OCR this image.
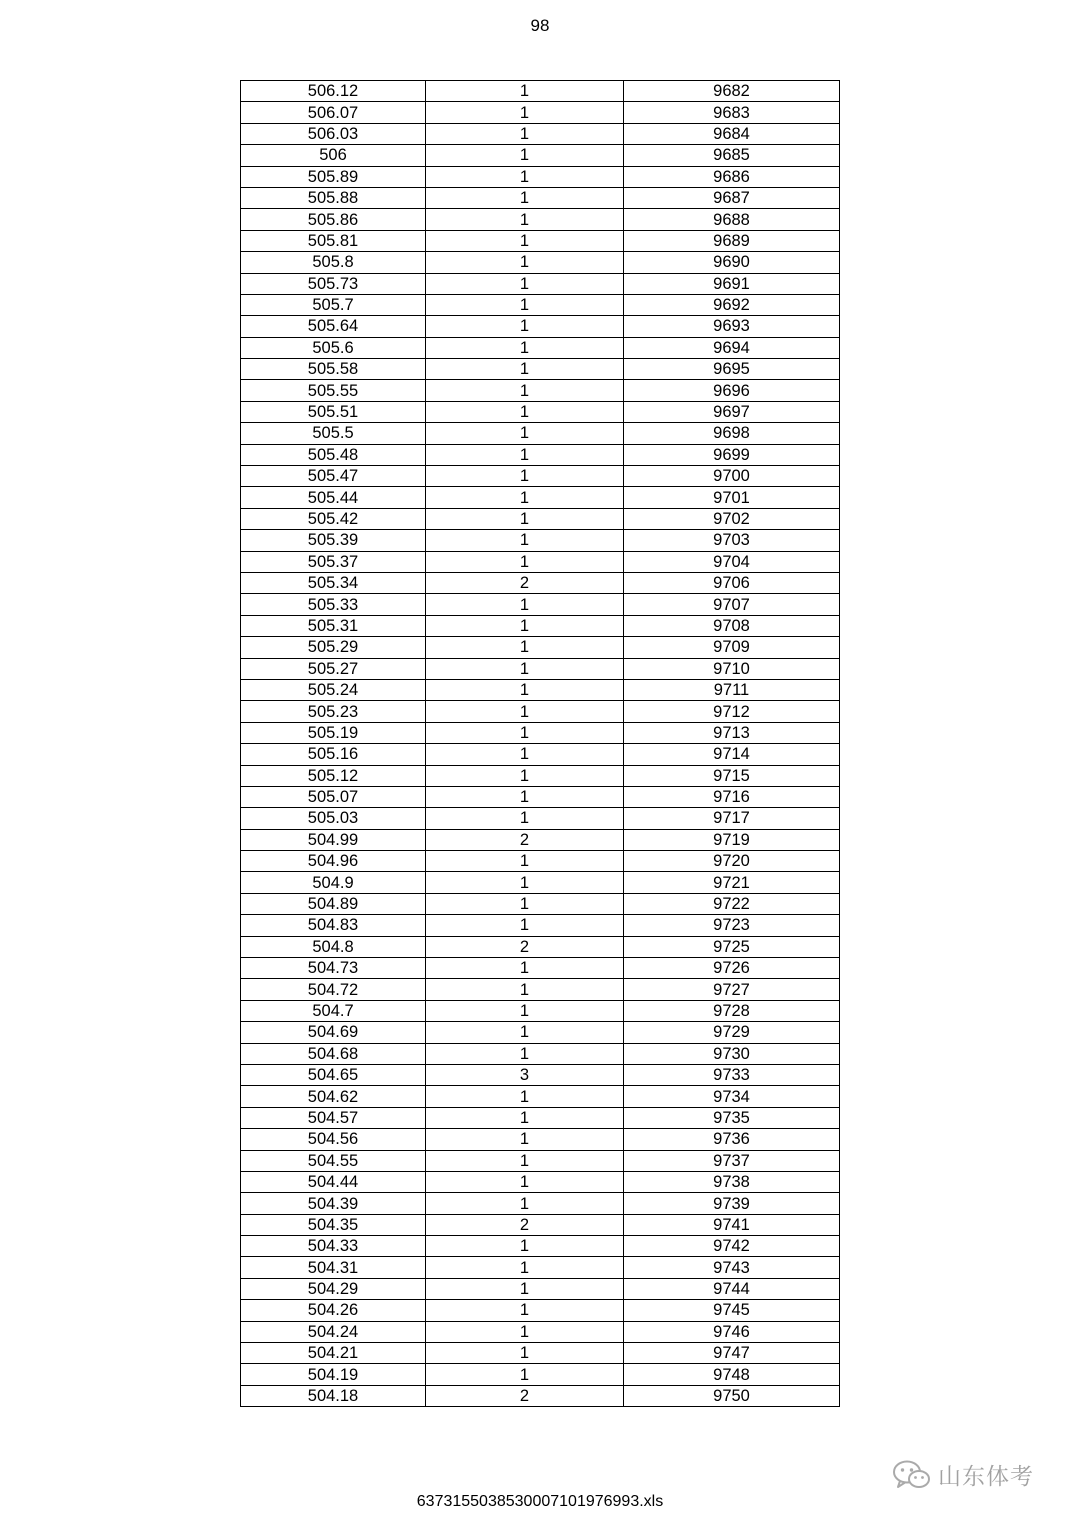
98
506.12	1	9682
506.07	1	9683
506.03	1	9684
506	1	9685
505.89	1	9686
505.88	1	9687
505.86	1	9688
505.81	1	9689
505.8	1	9690
505.73	1	9691
505.7	1	9692
505.64	1	9693
505.6	1	9694
505.58	1	9695
505.55	1	9696
505.51	1	9697
505.5	1	9698
505.48	1	9699
505.47	1	9700
505.44	1	9701
505.42	1	9702
505.39	1	9703
505.37	1	9704
505.34	2	9706
505.33	1	9707
505.31	1	9708
505.29	1	9709
505.27	1	9710
505.24	1	9711
505.23	1	9712
505.19	1	9713
505.16	1	9714
505.12	1	9715
505.07	1	9716
505.03	1	9717
504.99	2	9719
504.96	1	9720
504.9	1	9721
504.89	1	9722
504.83	1	9723
504.8	2	9725
504.73	1	9726
504.72	1	9727
504.7	1	9728
504.69	1	9729
504.68	1	9730
504.65	3	9733
504.62	1	9734
504.57	1	9735
504.56	1	9736
504.55	1	9737
504.44	1	9738
504.39	1	9739
504.35	2	9741
504.33	1	9742
504.31	1	9743
504.29	1	9744
504.26	1	9745
504.24	1	9746
504.21	1	9747
504.19	1	9748
504.18	2	9750
637315503853000710197699​3.xls
山东体考
